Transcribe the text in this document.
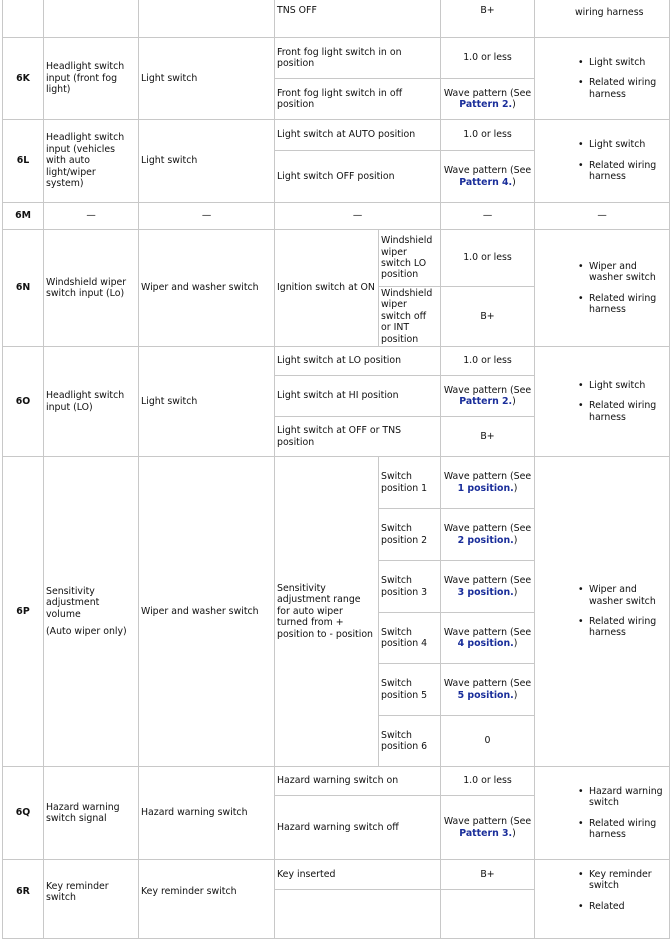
TNS OFF	B+	wiring harness
6K
Headlight switch input (front fog light)
Light switch
Front fog light switch in on position
1.0 or less
Front fog light switch in off position
Wave pattern (See Pattern 2.)
• Light switch
• Related wiring harness
6L
Headlight switch input (vehicles with auto light/wiper system)
Light switch
Light switch at AUTO position	1.0 or less
Light switch OFF position
Wave pattern (See Pattern 4.)
• Light switch
• Related wiring harness
6M	—	—	—	—	—
6N
Windshield wiper switch input (Lo)
Wiper and washer switch Ignition switch at ON
Windshield wiper switch LO position
1.0 or less
Windshield wiper switch off or INT position
B+
• Wiper and washer switch
• Related wiring harness
6O
Headlight switch input (LO)
Light switch
Light switch at LO position	1.0 or less
Light switch at HI position
Wave pattern (See Pattern 2.)
Light switch at OFF or TNS position
B+
• Light switch
• Related wiring harness
6P
Sensitivity adjustment volume
(Auto wiper only)
Wiper and washer switch
Sensitivity adjustment range for auto wiper turned from + position to - position
Switch position 1
Wave pattern (See 1 position.)
Switch position 2
Wave pattern (See 2 position.)
Switch position 3
Wave pattern (See 3 position.)
Switch position 4
Wave pattern (See 4 position.)
Switch position 5
Wave pattern (See 5 position.)
Switch position 6
0
• Wiper and washer switch
• Related wiring harness
6Q
Hazard warning switch signal
Hazard warning switch
Hazard warning switch on	1.0 or less
Hazard warning switch off
Wave pattern (See Pattern 3.)
• Hazard warning switch
• Related wiring harness
6R
Key reminder switch
Key reminder switch
Key inserted	B+
•	Key reminder switch
• Related
